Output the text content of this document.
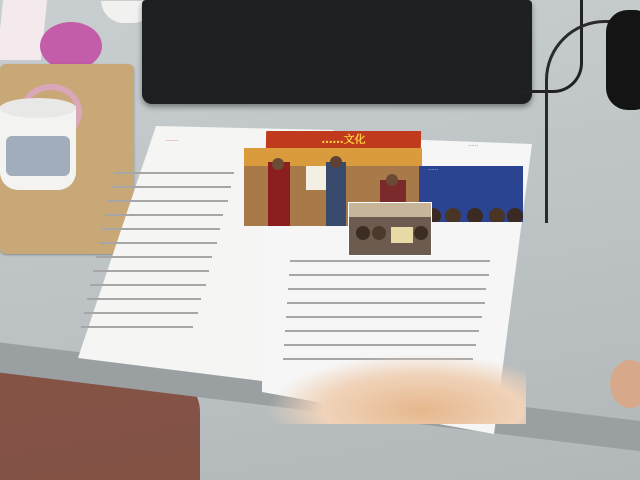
……	……文化	……
……
